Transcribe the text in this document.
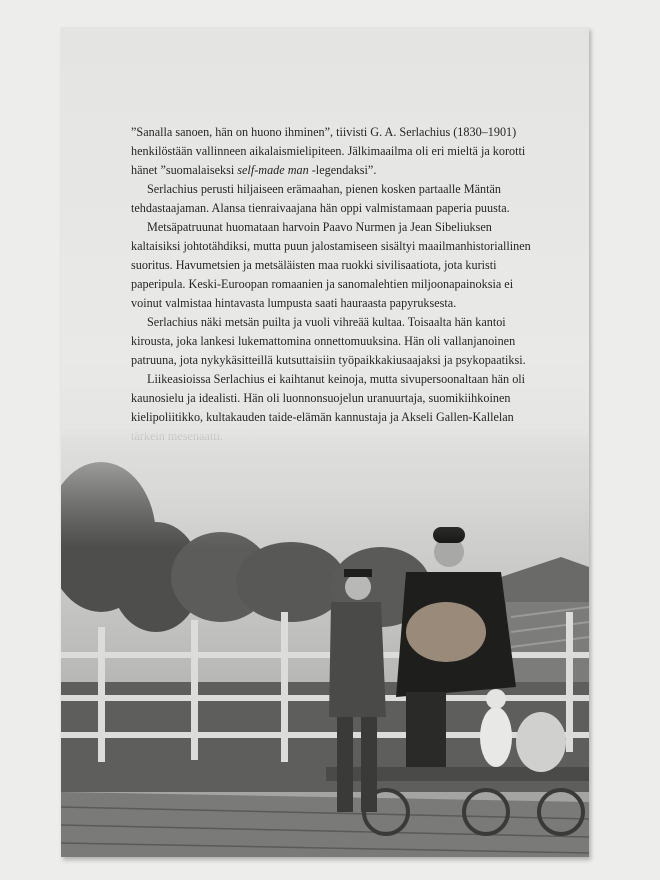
”Sanalla sanoen, hän on huono ihminen”, tiivisti G. A. Serlachius (1830–1901) henkilöstään vallinneen aikalaismielipiteen. Jälkimaailma oli eri mieltä ja korotti hänet ”suomalaiseksi self-made man -legendaksi”.

Serlachius perusti hiljaiseen erämaahan, pienen kosken partaalle Mäntän tehdastaajaman. Alansa tienraivaajana hän oppi valmistamaan paperia puusta.

Metsäpatruunat huomataan harvoin Paavo Nurmen ja Jean Sibeliuksen kaltaisiksi johtotähdiksi, mutta puun jalostamiseen sisältyi maailmanhistoriallinen suoritus. Havumetsien ja metsäläisten maa ruokki sivilisaatiota, jota kuristi paperipula. Keski-Euroopan romaanien ja sanomalehtien miljoonapainoksia ei voinut valmistaa hintavasta lumpusta saati hauraasta papyruksesta.

Serlachius näki metsän puilta ja vuoli vihreää kultaa. Toisaalta hän kantoi kiroustа, joka lankesi lukemattomina onnettomuuksina. Hän oli vallanjanoinen patruuna, jota nykykäsitteillä kutsuttaisiin työpaikkakiusaajaksi ja psykopaatiksi.

Liikeasioissa Serlachius ei kaihtanut keinoja, mutta sivupersoonaltaan hän oli kaunosielu ja idealisti. Hän oli luonnonsuojelun uranuurtaja, suomikiihkoinen kielipoliitikko, kultakauden taide-elämän kannustaja ja Akseli Gallen-Kallelan
